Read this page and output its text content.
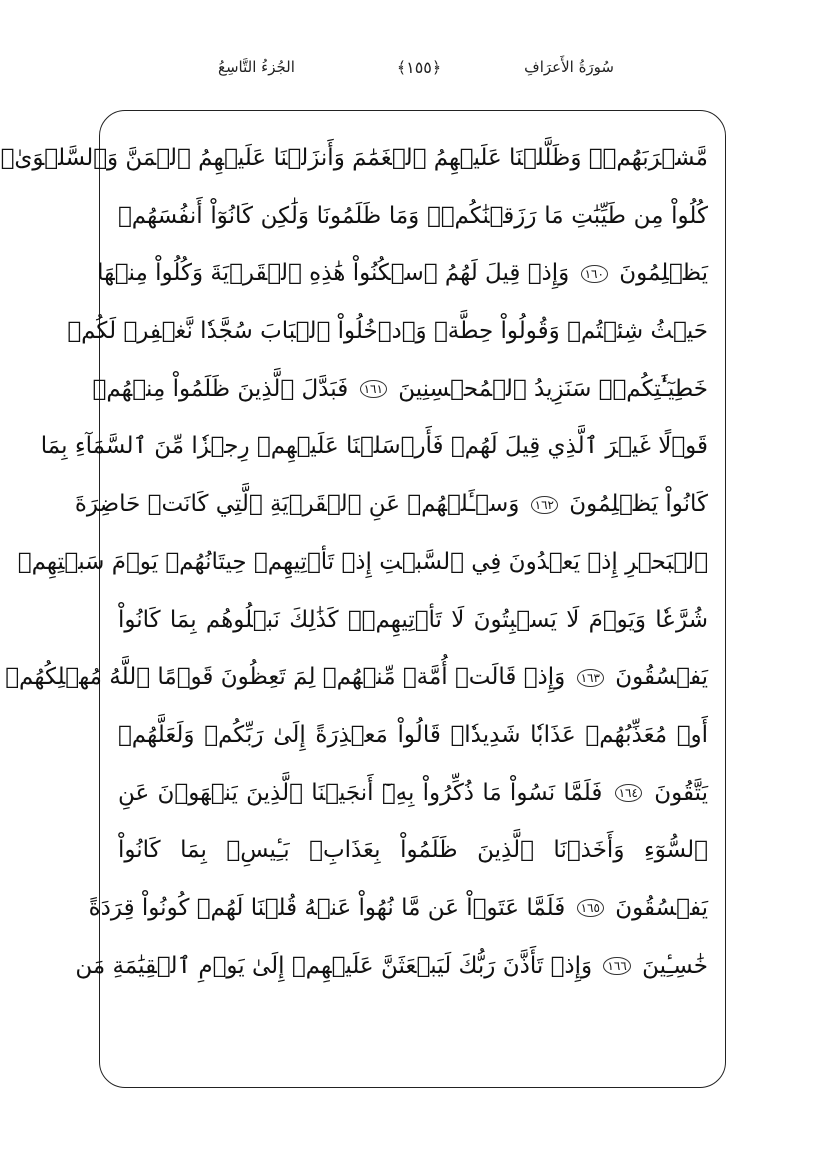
سُورَةُ الأَعرَافِ
﴿١٥٥﴾
الجُزءُ التَّاسِعُ
مَّشۡرَبَهُمۡۚ وَظَلَّلۡنَا عَلَيۡهِمُ ٱلۡغَمَٰمَ وَأَنزَلۡنَا عَلَيۡهِمُ ٱلۡمَنَّ وَٱلسَّلۡوَىٰۖ
كُلُواْ مِن طَيِّبَٰتِ مَا رَزَقۡنَٰكُمۡۚ وَمَا ظَلَمُونَا وَلَٰكِن كَانُوٓاْ أَنفُسَهُمۡ
يَظۡلِمُونَ ١٦٠ وَإِذۡ قِيلَ لَهُمُ ٱسۡكُنُواْ هَٰذِهِ ٱلۡقَرۡيَةَ وَكُلُواْ مِنۡهَا
حَيۡثُ شِئۡتُمۡ وَقُولُواْ حِطَّةٞ وَٱدۡخُلُواْ ٱلۡبَابَ سُجَّدٗا نَّغۡفِرۡ لَكُمۡ
خَطِيٓـَٰٔتِكُمۡۚ سَنَزِيدُ ٱلۡمُحۡسِنِينَ ١٦١ فَبَدَّلَ ٱلَّذِينَ ظَلَمُواْ مِنۡهُمۡ
قَوۡلًا غَيۡرَ ٱلَّذِي قِيلَ لَهُمۡ فَأَرۡسَلۡنَا عَلَيۡهِمۡ رِجۡزٗا مِّنَ ٱلسَّمَآءِ بِمَا
كَانُواْ يَظۡلِمُونَ ١٦٢ وَسۡـَٔلۡهُمۡ عَنِ ٱلۡقَرۡيَةِ ٱلَّتِي كَانَتۡ حَاضِرَةَ
ٱلۡبَحۡرِ إِذۡ يَعۡدُونَ فِي ٱلسَّبۡتِ إِذۡ تَأۡتِيهِمۡ حِيتَانُهُمۡ يَوۡمَ سَبۡتِهِمۡ
شُرَّعٗا وَيَوۡمَ لَا يَسۡبِتُونَ لَا تَأۡتِيهِمۡۚ كَذَٰلِكَ نَبۡلُوهُم بِمَا كَانُواْ
يَفۡسُقُونَ ١٦٣ وَإِذۡ قَالَتۡ أُمَّةٞ مِّنۡهُمۡ لِمَ تَعِظُونَ قَوۡمًا ٱللَّهُ مُهۡلِكُهُمۡ
أَوۡ مُعَذِّبُهُمۡ عَذَابٗا شَدِيدٗاۖ قَالُواْ مَعۡذِرَةً إِلَىٰ رَبِّكُمۡ وَلَعَلَّهُمۡ
يَتَّقُونَ ١٦٤ فَلَمَّا نَسُواْ مَا ذُكِّرُواْ بِهِۦٓ أَنجَيۡنَا ٱلَّذِينَ يَنۡهَوۡنَ عَنِ
ٱلسُّوٓءِ وَأَخَذۡنَا ٱلَّذِينَ ظَلَمُواْ بِعَذَابِۭ بَـِٔيسِۭ بِمَا كَانُواْ
يَفۡسُقُونَ ١٦٥ فَلَمَّا عَتَوۡاْ عَن مَّا نُهُواْ عَنۡهُ قُلۡنَا لَهُمۡ كُونُواْ قِرَدَةً
خَٰسِـِٔينَ ١٦٦ وَإِذۡ تَأَذَّنَ رَبُّكَ لَيَبۡعَثَنَّ عَلَيۡهِمۡ إِلَىٰ يَوۡمِ ٱلۡقِيَٰمَةِ مَن
